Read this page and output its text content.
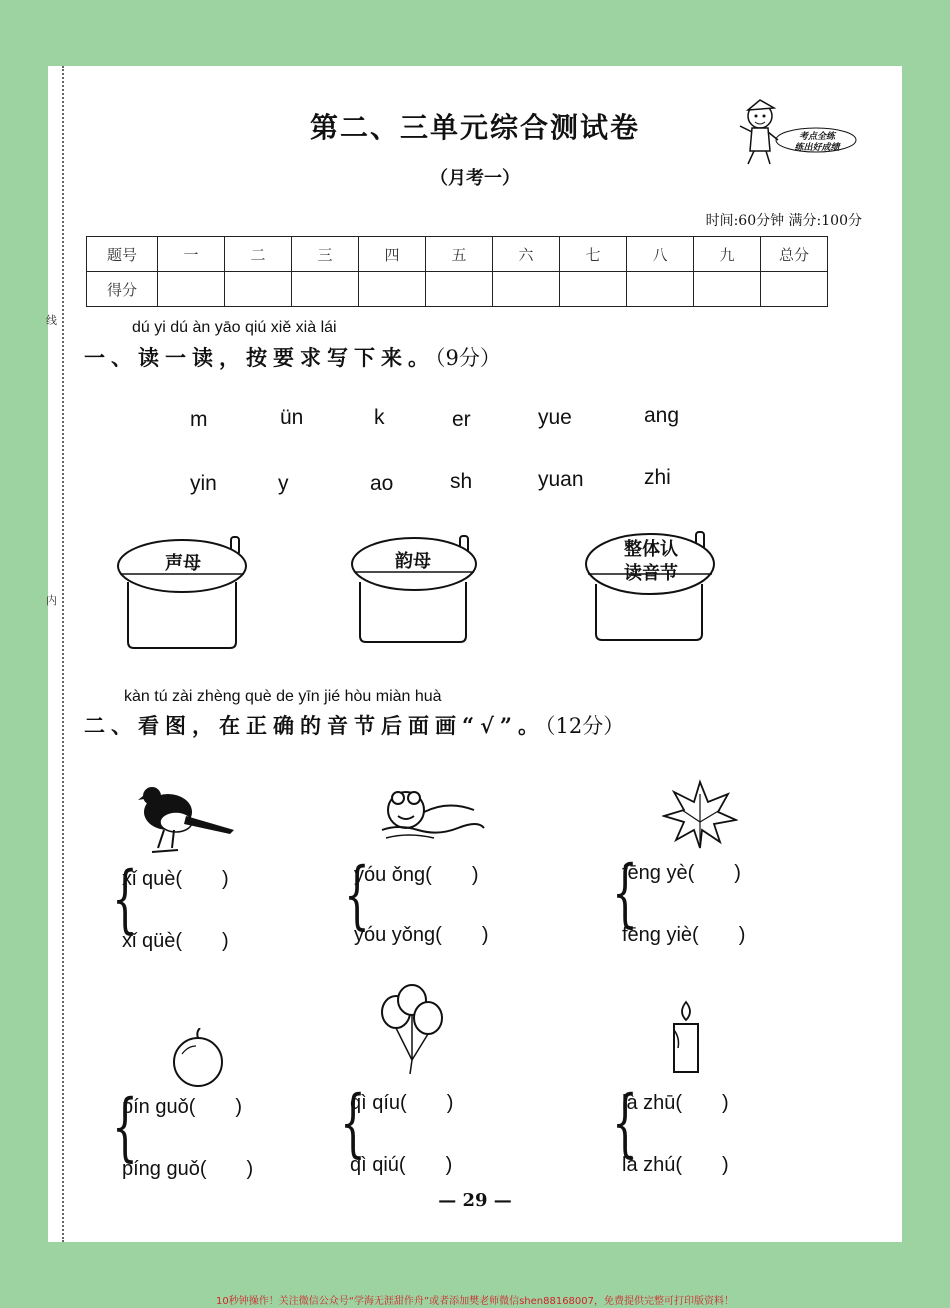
线
内
第二、三单元综合测试卷
（月考一）
考点全练
练出好成绩
时间:60分钟 满分:100分
题号	一	二	三	四	五	六	七	八	九	总分
得分										
dú yi dú àn yāo qiú xiě xià lái
一、读一读，按要求写下来。（9分）
m	ün	k	er	yue	ang
yin	y	ao	sh	yuan	zhi
声母	韵母
整体认
读音节
kàn tú zài zhèng què de yīn jié hòu miàn huà
二、看图，在正确的音节后面画“√”。（12分）
{
xǐ què(　　)
xǐ qüè(　　)
{
yóu ǒng(　　)
yóu yǒng(　　) {
fēng yè(　　)
fēng yiè(　　)
{
pín guǒ(　　)
píng guǒ(　　)
{
qì qíu(　　)
qì qiú(　　) {
là zhū(　　)
là zhú(　　)
— 29 —
10秒钟操作！关注微信公众号“学海无涯甜作舟”或者添加樊老师微信shen88168007，免费提供完整可打印版资料！
